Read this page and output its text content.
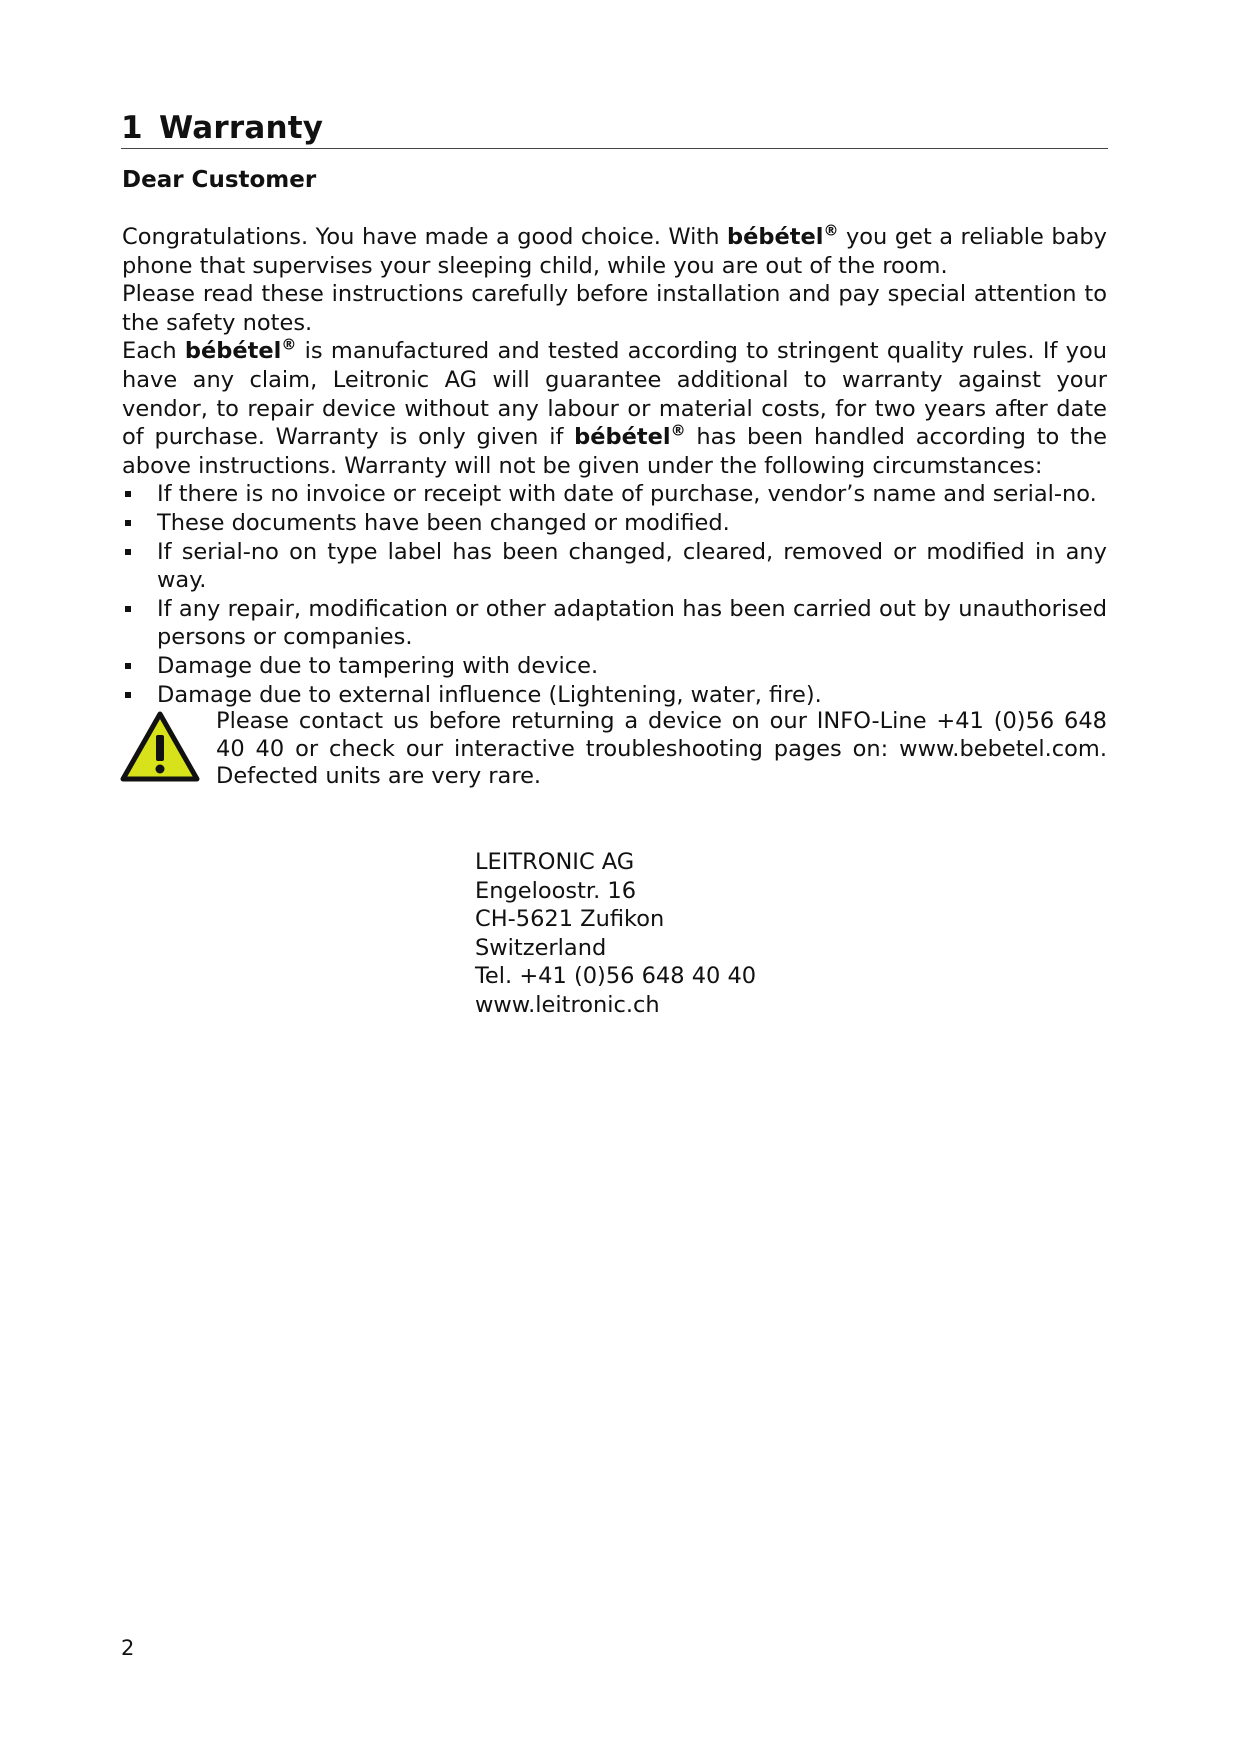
1 Warranty
Dear Customer

Congratulations. You have made a good choice. With bébétel® you get a reliable baby phone that supervises your sleeping child, while you are out of the room.

Please read these instructions carefully before installation and pay special attention to the safety notes.

Each bébétel® is manufactured and tested according to stringent quality rules. If you have any claim, Leitronic AG will guarantee additional to warranty against your vendor, to repair device without any labour or material costs, for two years after date of purchase. Warranty is only given if bébétel® has been handled according to the above instructions. Warranty will not be given under the following circumstances:

If there is no invoice or receipt with date of purchase, vendor’s name and serial-no.
These documents have been changed or modified.
If serial-no on type label has been changed, cleared, removed or modified in any way.
If any repair, modification or other adaptation has been carried out by unauthorised persons or companies.
Damage due to tampering with device.
Damage due to external influence (Lightening, water, fire).

Please contact us before returning a device on our INFO-Line +41 (0)56 648 40 40 or check our interactive troubleshooting pages on: www.bebetel.com. Defected units are very rare.

LEITRONIC AG
Engeloostr. 16
CH-5621 Zufikon
Switzerland
Tel. +41 (0)56 648 40 40
www.leitronic.ch
2
